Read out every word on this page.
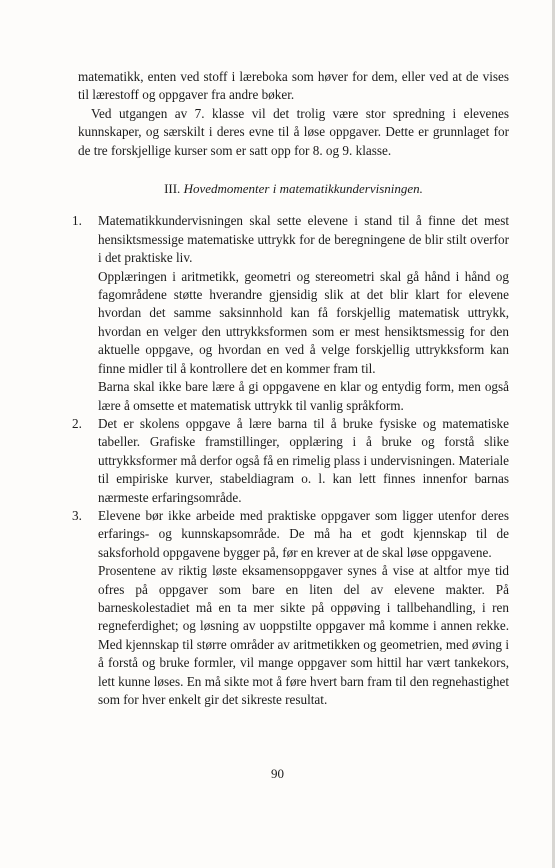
matematikk, enten ved stoff i læreboka som høver for dem, eller ved at de vises til lærestoff og oppgaver fra andre bøker.

Ved utgangen av 7. klasse vil det trolig være stor spredning i elevenes kunnskaper, og særskilt i deres evne til å løse oppgaver. Dette er grunnlaget for de tre forskjellige kurser som er satt opp for 8. og 9. klasse.

III. Hovedmomenter i matematikkundervisningen.

1. Matematikkundervisningen skal sette elevene i stand til å finne det mest hensiktsmessige matematiske uttrykk for de beregningene de blir stilt overfor i det praktiske liv.

Opplæringen i aritmetikk, geometri og stereometri skal gå hånd i hånd og fagområdene støtte hverandre gjensidig slik at det blir klart for elevene hvordan det samme saksinnhold kan få forskjellig matematisk uttrykk, hvordan en velger den uttrykksformen som er mest hensiktsmessig for den aktuelle oppgave, og hvordan en ved å velge forskjellig uttrykksform kan finne midler til å kontrollere det en kommer fram til.

Barna skal ikke bare lære å gi oppgavene en klar og entydig form, men også lære å omsette et matematisk uttrykk til vanlig språkform.

2. Det er skolens oppgave å lære barna til å bruke fysiske og matematiske tabeller. Grafiske framstillinger, opplæring i å bruke og forstå slike uttrykksformer må derfor også få en rimelig plass i undervisningen. Materiale til empiriske kurver, stabeldiagram o. l. kan lett finnes innenfor barnas nærmeste erfaringsområde.

3. Elevene bør ikke arbeide med praktiske oppgaver som ligger utenfor deres erfarings- og kunnskapsområde. De må ha et godt kjennskap til de saksforhold oppgavene bygger på, før en krever at de skal løse oppgavene.

Prosentene av riktig løste eksamensoppgaver synes å vise at altfor mye tid ofres på oppgaver som bare en liten del av elevene makter. På barneskolestadiet må en ta mer sikte på oppøving i tallbehandling, i ren regneferdighet; og løsning av uoppstilte oppgaver må komme i annen rekke. Med kjennskap til større områder av aritmetikken og geometrien, med øving i å forstå og bruke formler, vil mange oppgaver som hittil har vært tankekors, lett kunne løses. En må sikte mot å føre hvert barn fram til den regnehastighet som for hver enkelt gir det sikreste resultat.

90
